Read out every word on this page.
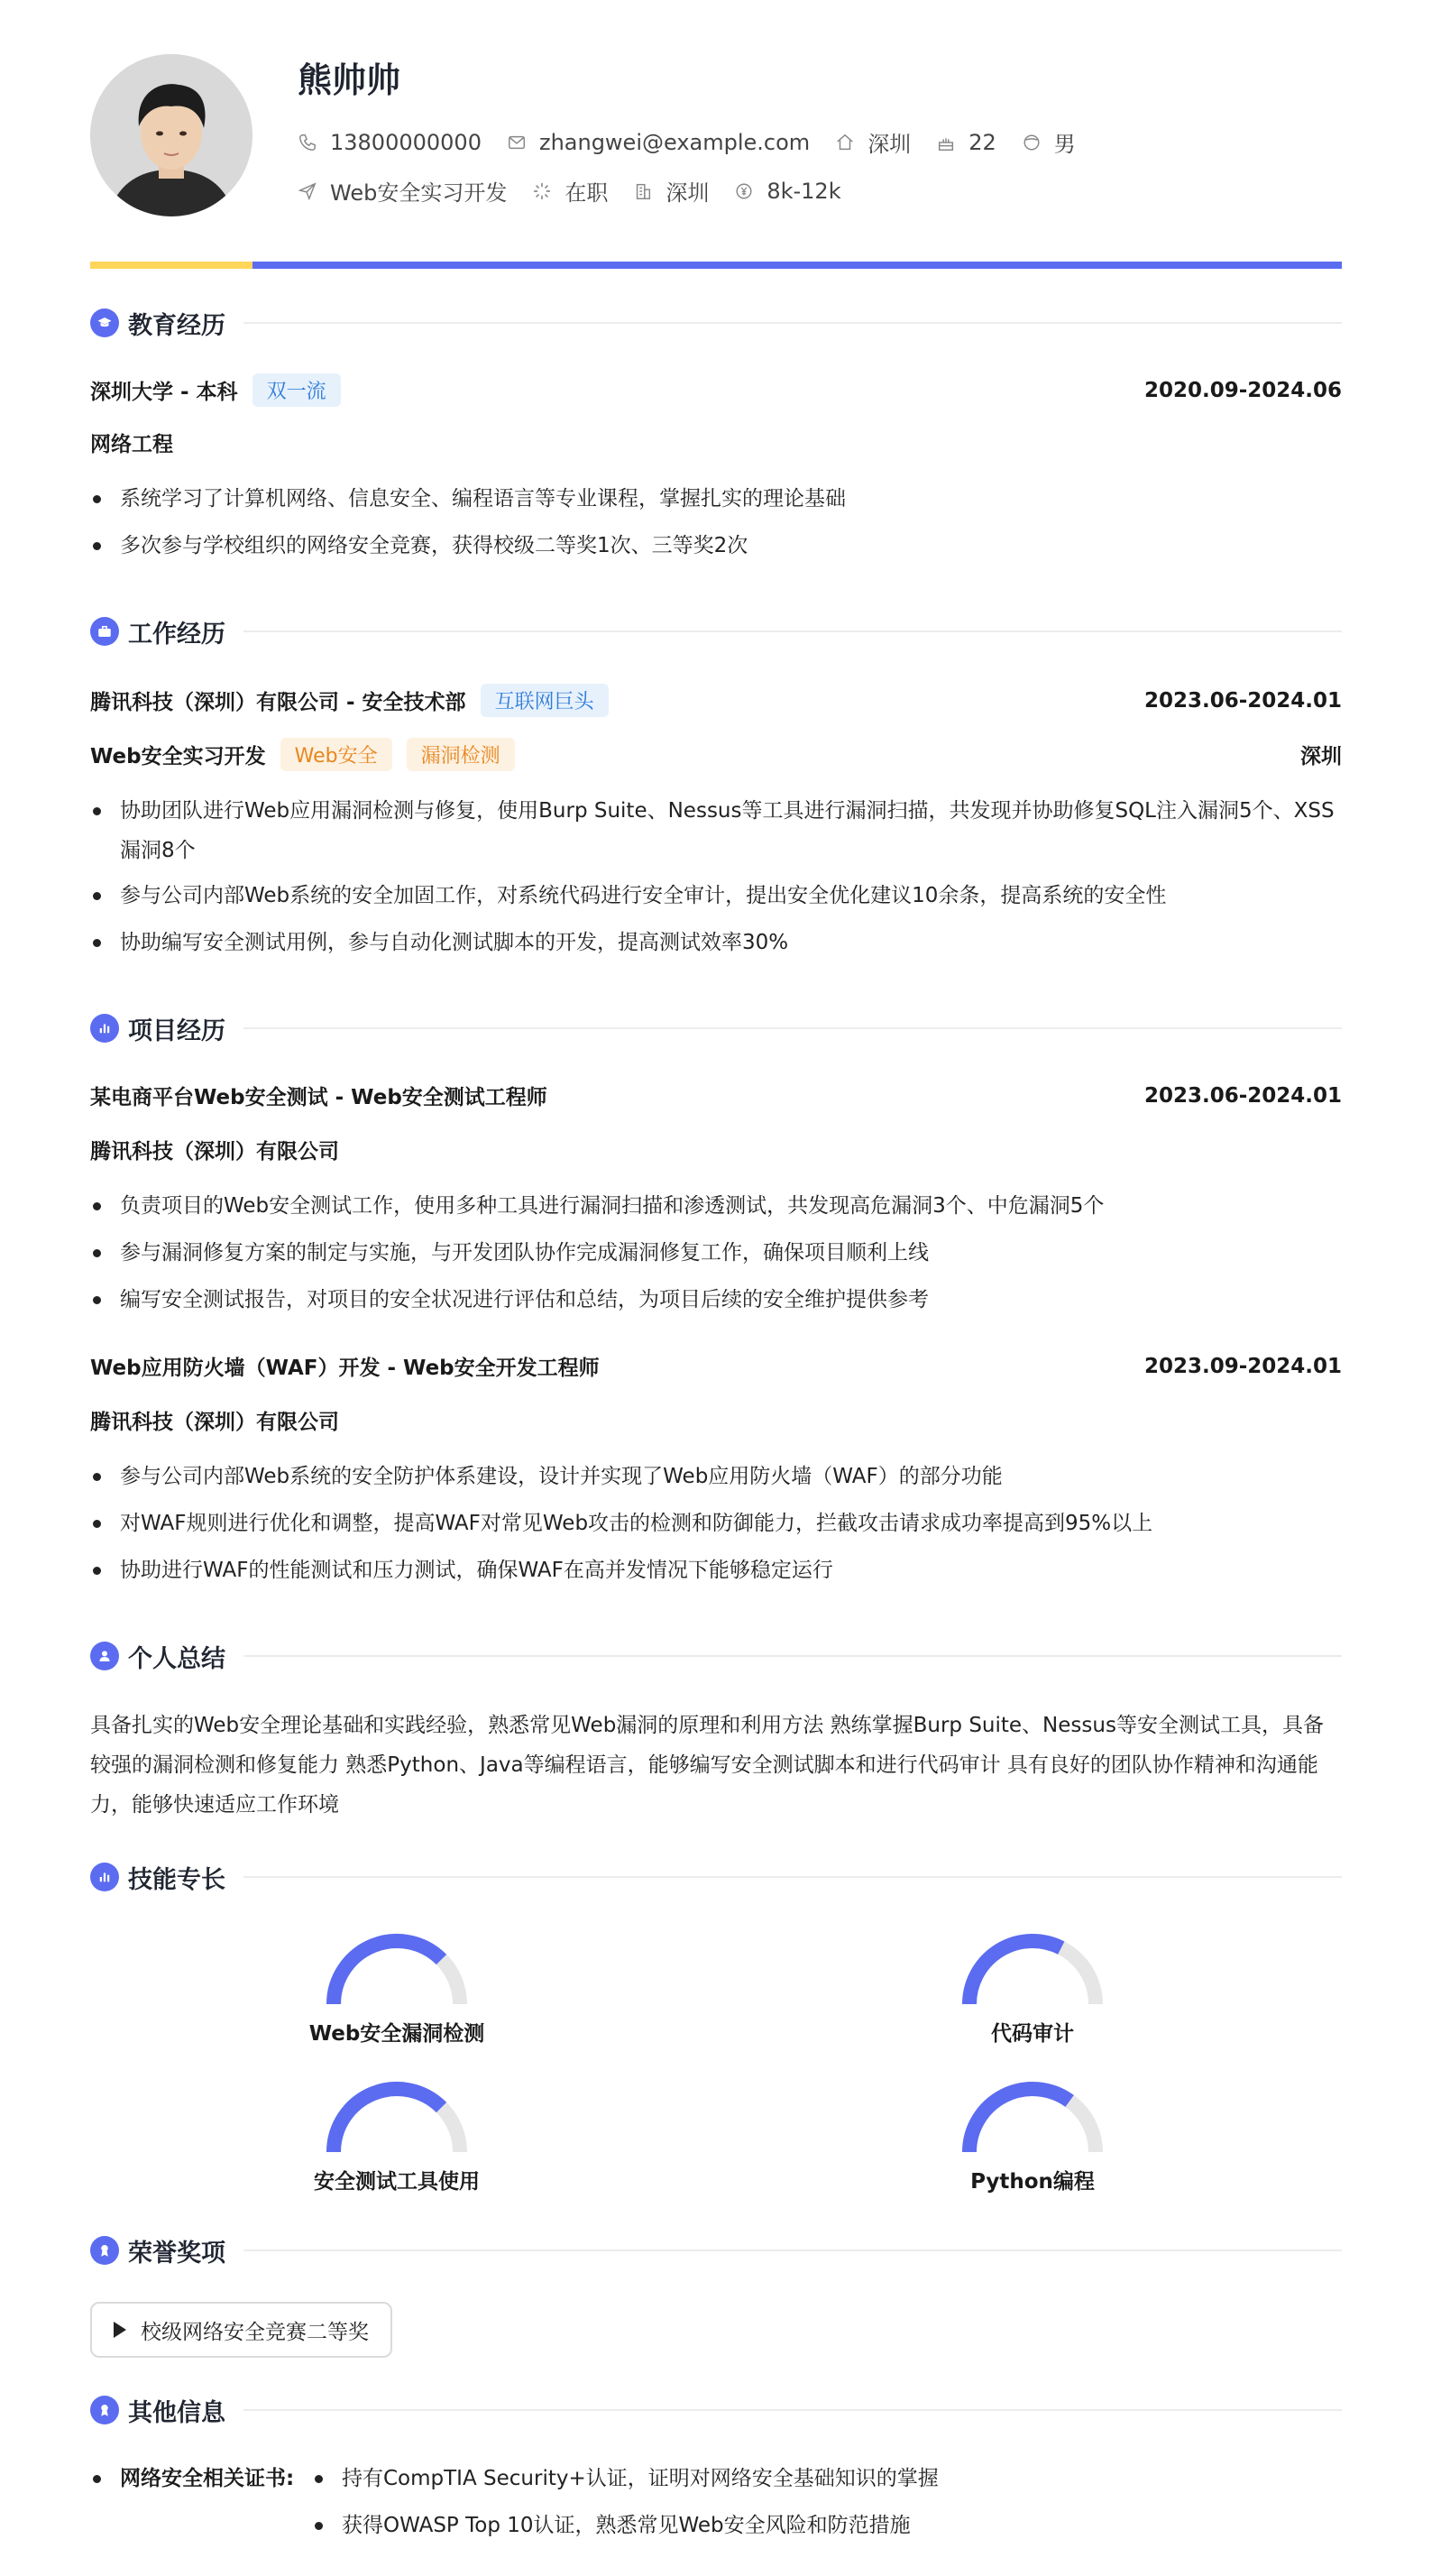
熊帅帅
13800000000	zhangwei@example.com	深圳	22	男
Web安全实习开发	在职	深圳	8k-12k
教育经历
深圳大学 - 本科	双一流	2020.09-2024.06
网络工程
系统学习了计算机网络、信息安全、编程语言等专业课程，掌握扎实的理论基础
多次参与学校组织的网络安全竞赛，获得校级二等奖1次、三等奖2次
工作经历
腾讯科技（深圳）有限公司 - 安全技术部	互联网巨头	2023.06-2024.01
Web安全实习开发	Web安全	漏洞检测	深圳
协助团队进行Web应用漏洞检测与修复，使用Burp Suite、Nessus等工具进行漏洞扫描，共发现并协助修复SQL注入漏洞5个、XSS漏洞8个
参与公司内部Web系统的安全加固工作，对系统代码进行安全审计，提出安全优化建议10余条，提高系统的安全性
协助编写安全测试用例，参与自动化测试脚本的开发，提高测试效率30%
项目经历
某电商平台Web安全测试 - Web安全测试工程师	2023.06-2024.01
腾讯科技（深圳）有限公司
负责项目的Web安全测试工作，使用多种工具进行漏洞扫描和渗透测试，共发现高危漏洞3个、中危漏洞5个
参与漏洞修复方案的制定与实施，与开发团队协作完成漏洞修复工作，确保项目顺利上线
编写安全测试报告，对项目的安全状况进行评估和总结，为项目后续的安全维护提供参考
Web应用防火墙（WAF）开发 - Web安全开发工程师	2023.09-2024.01
腾讯科技（深圳）有限公司
参与公司内部Web系统的安全防护体系建设，设计并实现了Web应用防火墙（WAF）的部分功能
对WAF规则进行优化和调整，提高WAF对常见Web攻击的检测和防御能力，拦截攻击请求成功率提高到95%以上
协助进行WAF的性能测试和压力测试，确保WAF在高并发情况下能够稳定运行
个人总结
具备扎实的Web安全理论基础和实践经验，熟悉常见Web漏洞的原理和利用方法 熟练掌握Burp Suite、Nessus等安全测试工具，具备较强的漏洞检测和修复能力 熟悉Python、Java等编程语言，能够编写安全测试脚本和进行代码审计 具有良好的团队协作精神和沟通能力，能够快速适应工作环境
技能专长
Web安全漏洞检测	代码审计
安全测试工具使用	Python编程
荣誉奖项
校级网络安全竞赛二等奖
其他信息
网络安全相关证书:	持有CompTIA Security+认证，证明对网络安全基础知识的掌握
获得OWASP Top 10认证，熟悉常见Web安全风险和防范措施
